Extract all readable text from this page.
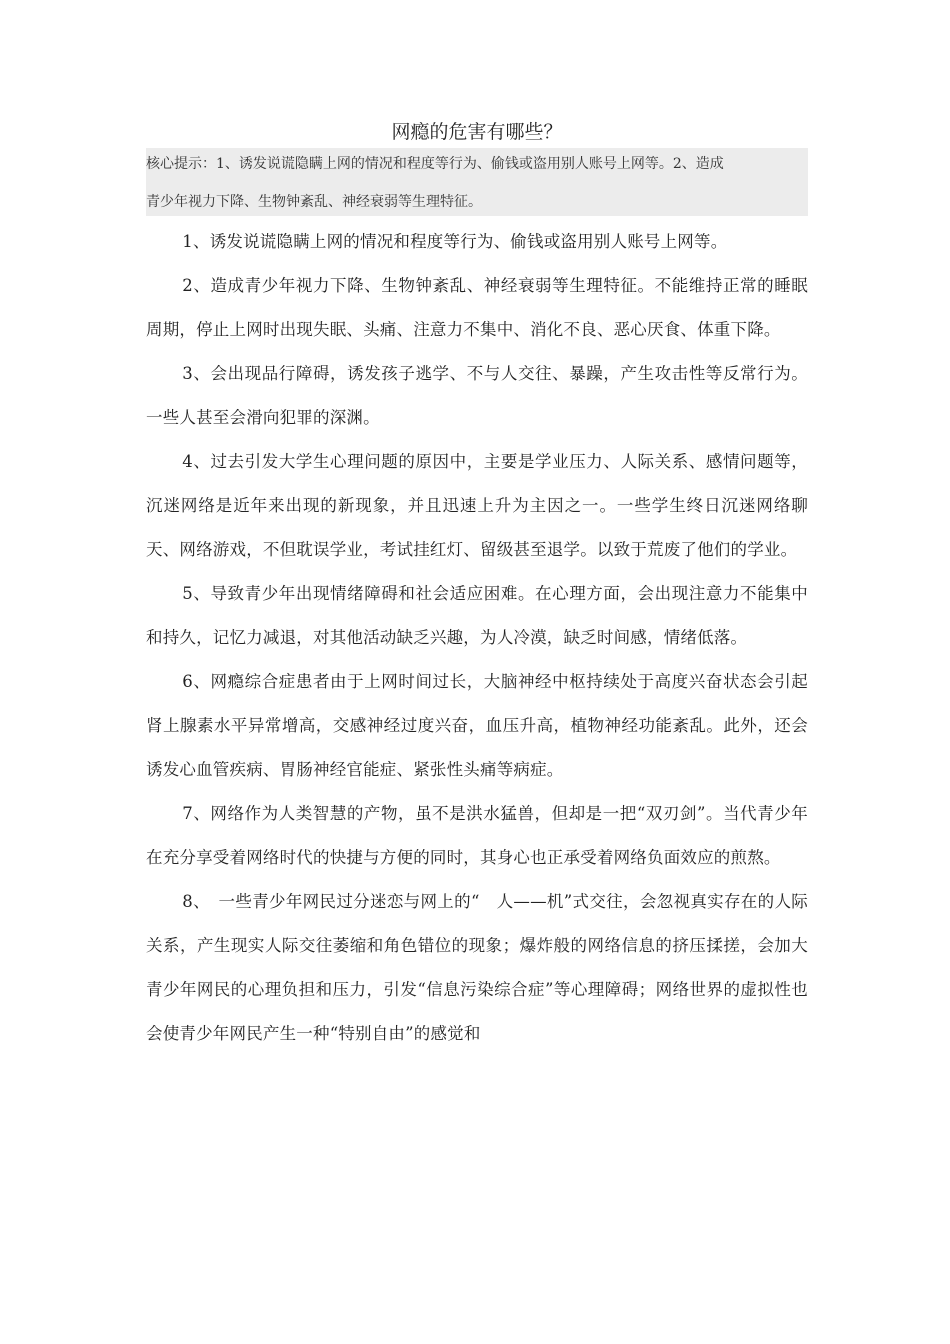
网瘾的危害有哪些？
核心提示：1、诱发说谎隐瞒上网的情况和程度等行为、偷钱或盗用别人账号上网等。2、造成
青少年视力下降、生物钟紊乱、神经衰弱等生理特征。

1、诱发说谎隐瞒上网的情况和程度等行为、偷钱或盗用别人账号上网等。

2、造成青少年视力下降、生物钟紊乱、神经衰弱等生理特征。不能维持正常的睡眠周期，停止上网时出现失眠、头痛、注意力不集中、消化不良、恶心厌食、体重下降。

3、会出现品行障碍，诱发孩子逃学、不与人交往、暴躁，产生攻击性等反常行为。一些人甚至会滑向犯罪的深渊。

4、过去引发大学生心理问题的原因中，主要是学业压力、人际关系、感情问题等，沉迷网络是近年来出现的新现象，并且迅速上升为主因之一。一些学生终日沉迷网络聊天、网络游戏，不但耽误学业，考试挂红灯、留级甚至退学。以致于荒废了他们的学业。

5、导致青少年出现情绪障碍和社会适应困难。在心理方面，会出现注意力不能集中和持久，记忆力减退，对其他活动缺乏兴趣，为人冷漠，缺乏时间感，情绪低落。

6、网瘾综合症患者由于上网时间过长，大脑神经中枢持续处于高度兴奋状态会引起肾上腺素水平异常增高，交感神经过度兴奋，血压升高，植物神经功能紊乱。此外，还会诱发心血管疾病、胃肠神经官能症、紧张性头痛等病症。

7、网络作为人类智慧的产物，虽不是洪水猛兽，但却是一把“双刃剑”。当代青少年在充分享受着网络时代的快捷与方便的同时，其身心也正承受着网络负面效应的煎熬。

8、　一些青少年网民过分迷恋与网上的“　人——机”式交往，会忽视真实存在的人际关系，产生现实人际交往萎缩和角色错位的现象；爆炸般的网络信息的挤压揉搓，会加大青少年网民的心理负担和压力，引发“信息污染综合症”等心理障碍；网络世界的虚拟性也会使青少年网民产生一种“特别自由”的感觉和
